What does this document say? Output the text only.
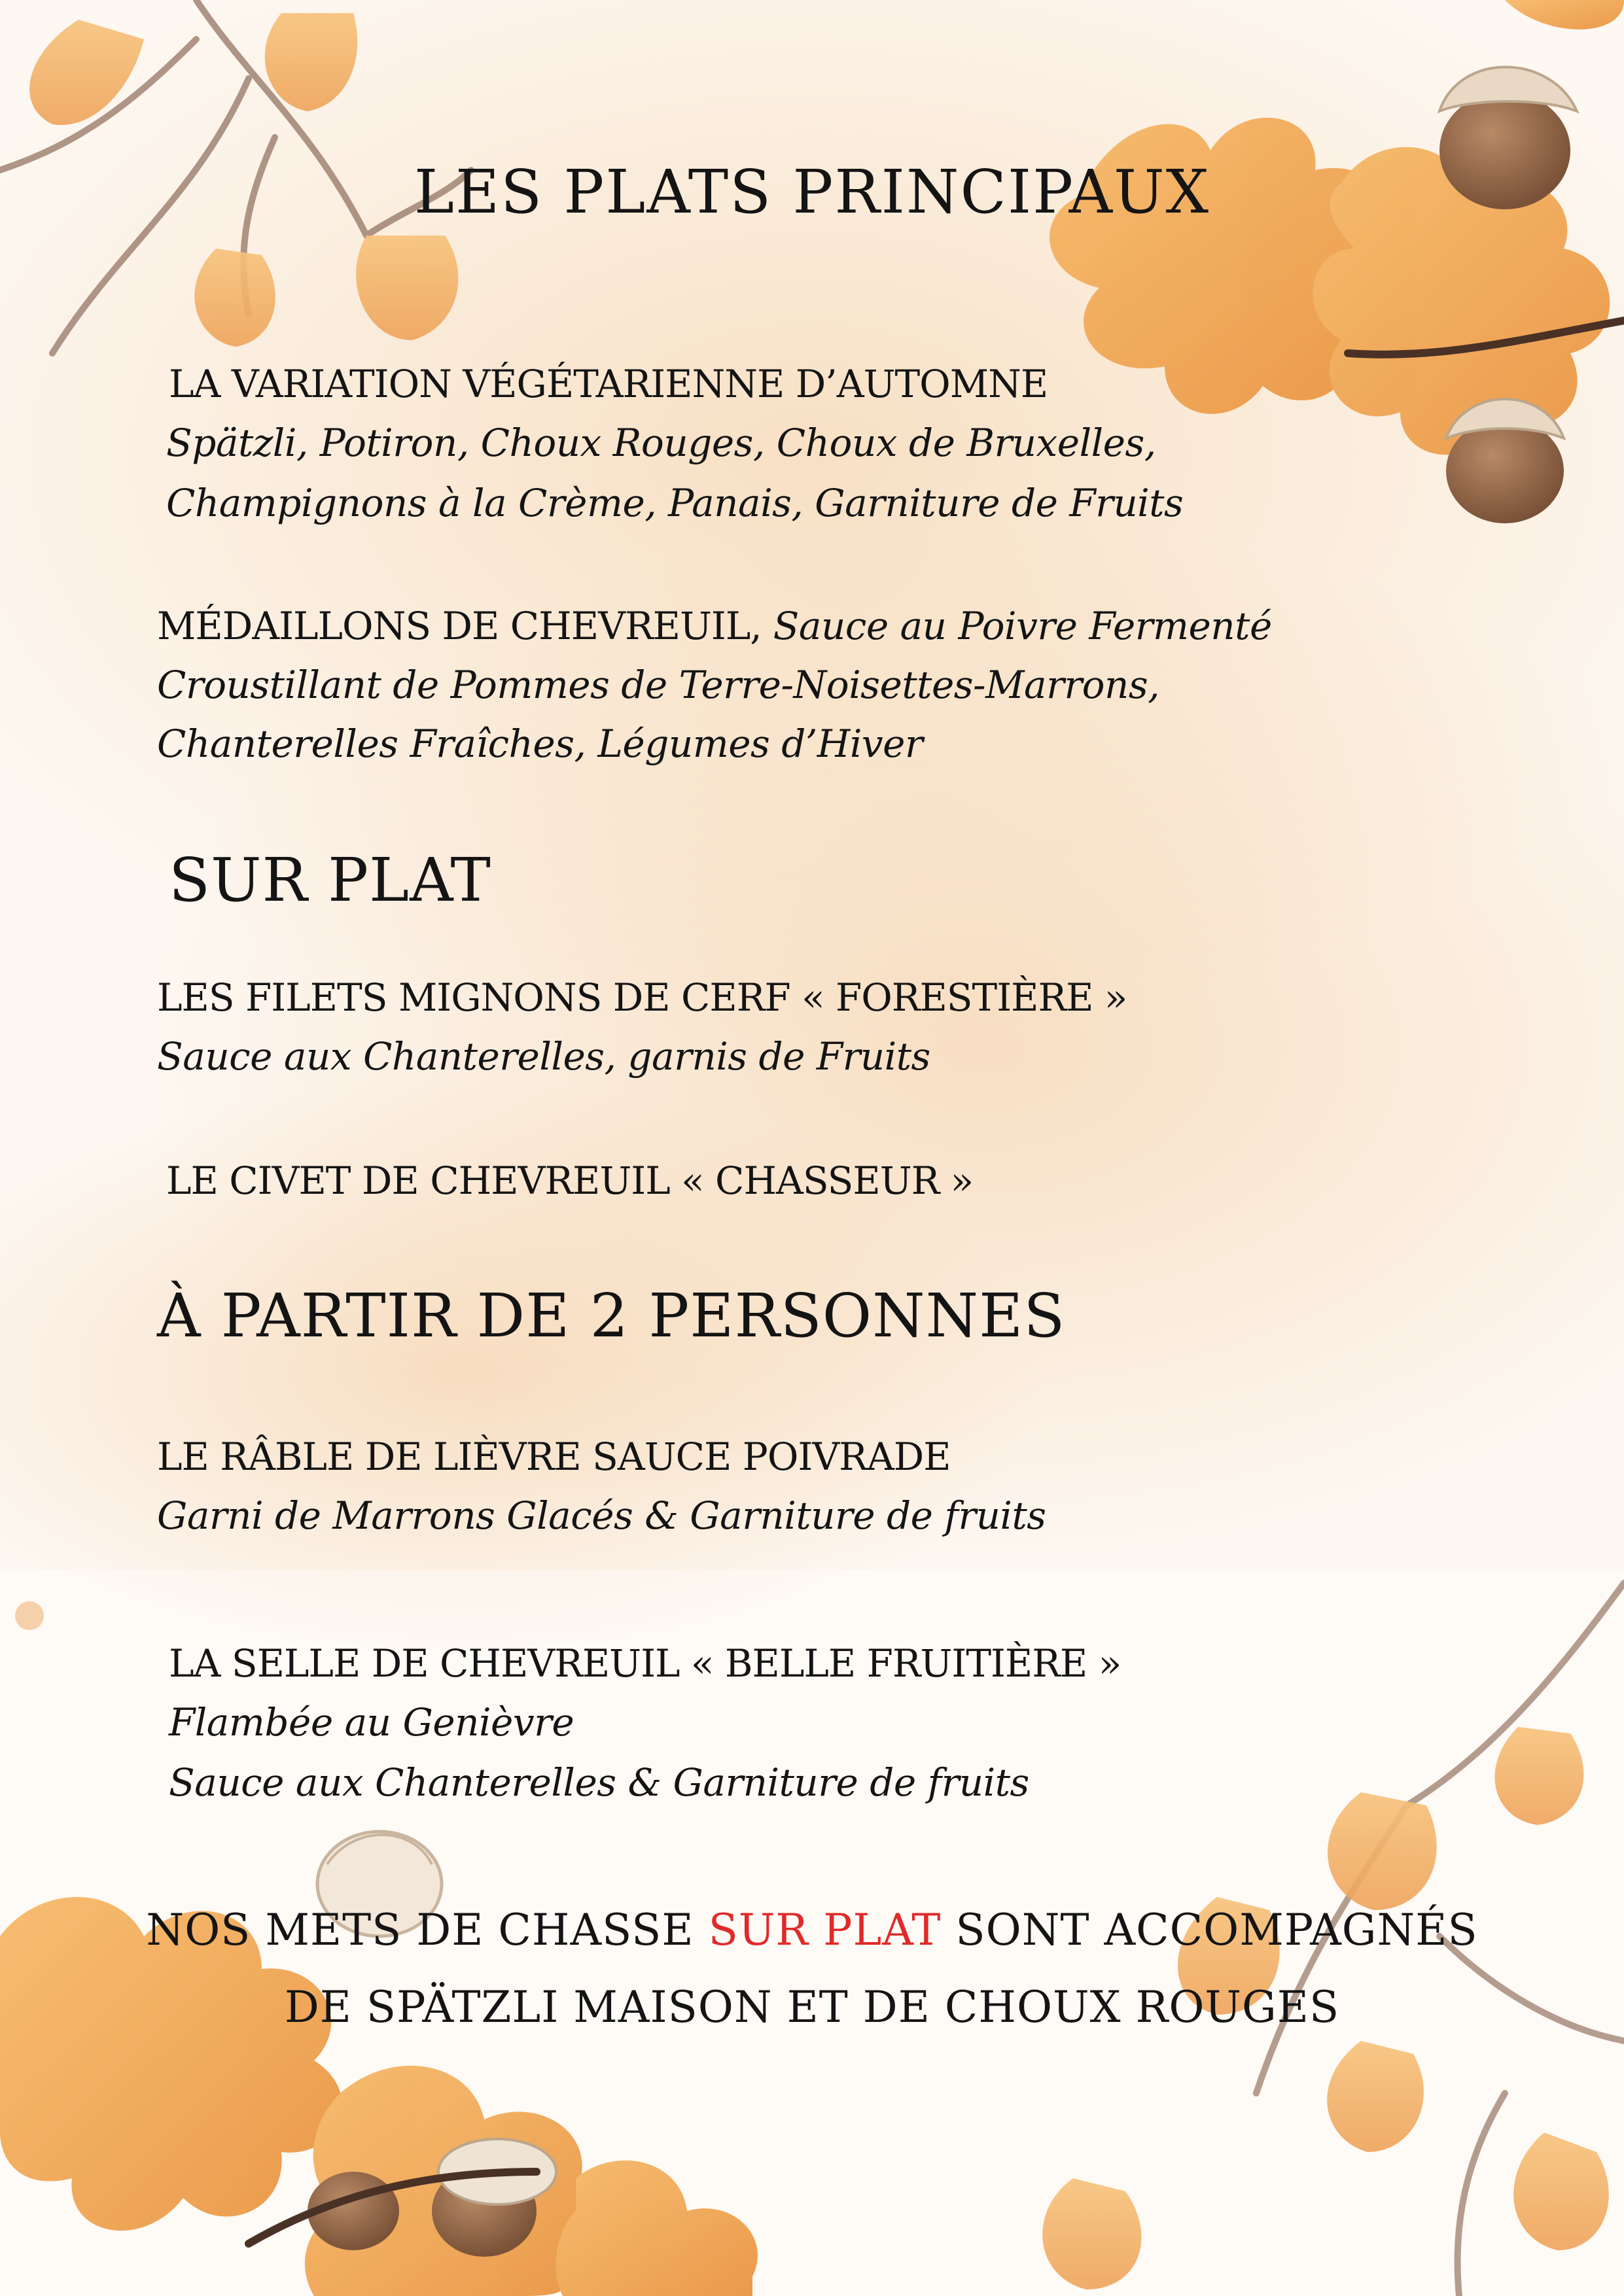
LES PLATS PRINCIPAUX
LA VARIATION VÉGÉTARIENNE D’AUTOMNE
Spätzli, Potiron, Choux Rouges, Choux de Bruxelles,
Champignons à la Crème, Panais, Garniture de Fruits
MÉDAILLONS DE CHEVREUIL, Sauce au Poivre Fermenté
Croustillant de Pommes de Terre-Noisettes-Marrons,
Chanterelles Fraîches, Légumes d’Hiver
SUR PLAT
LES FILETS MIGNONS DE CERF « FORESTIÈRE »
Sauce aux Chanterelles, garnis de Fruits
LE CIVET DE CHEVREUIL « CHASSEUR »
À PARTIR DE 2 PERSONNES
LE RÂBLE DE LIÈVRE SAUCE POIVRADE
Garni de Marrons Glacés & Garniture de fruits
LA SELLE DE CHEVREUIL « BELLE FRUITIÈRE »
Flambée au Genièvre
Sauce aux Chanterelles & Garniture de fruits
NOS METS DE CHASSE SUR PLAT SONT ACCOMPAGNÉS
DE SPÄTZLI MAISON ET DE CHOUX ROUGES
